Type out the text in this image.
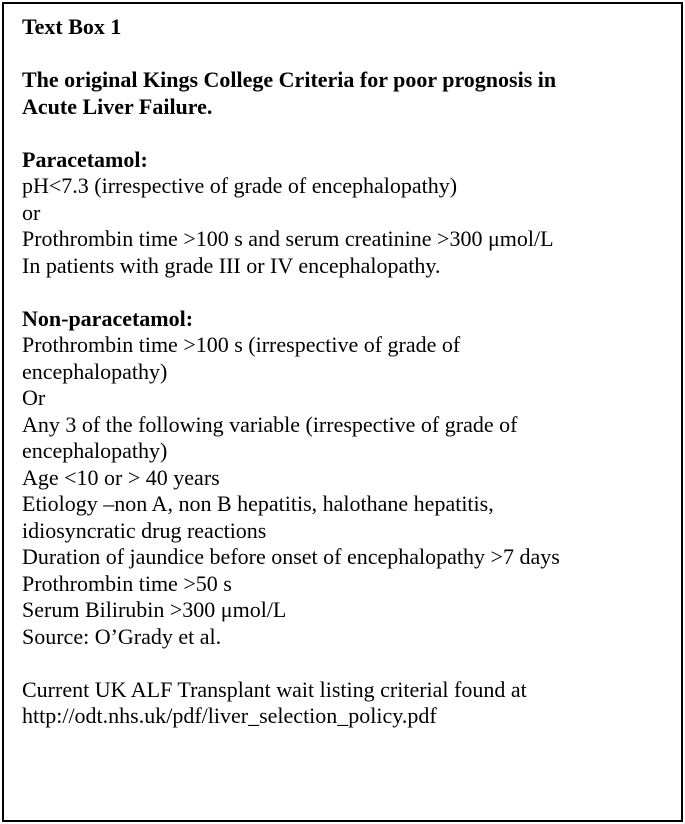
Text Box 1
The original Kings College Criteria for poor prognosis in
Acute Liver Failure.
Paracetamol:
pH<7.3 (irrespective of grade of encephalopathy)
or
Prothrombin time >100 s and serum creatinine >300 μmol/L
In patients with grade III or IV encephalopathy.
Non-paracetamol:
Prothrombin time >100 s (irrespective of grade of
encephalopathy)
Or
Any 3 of the following variable (irrespective of grade of
encephalopathy)
Age <10 or > 40 years
Etiology –non A, non B hepatitis, halothane hepatitis,
idiosyncratic drug reactions
Duration of jaundice before onset of encephalopathy >7 days
Prothrombin time >50 s
Serum Bilirubin >300 μmol/L
Source: O’Grady et al.
Current UK ALF Transplant wait listing criterial found at
http://odt.nhs.uk/pdf/liver_selection_policy.pdf
